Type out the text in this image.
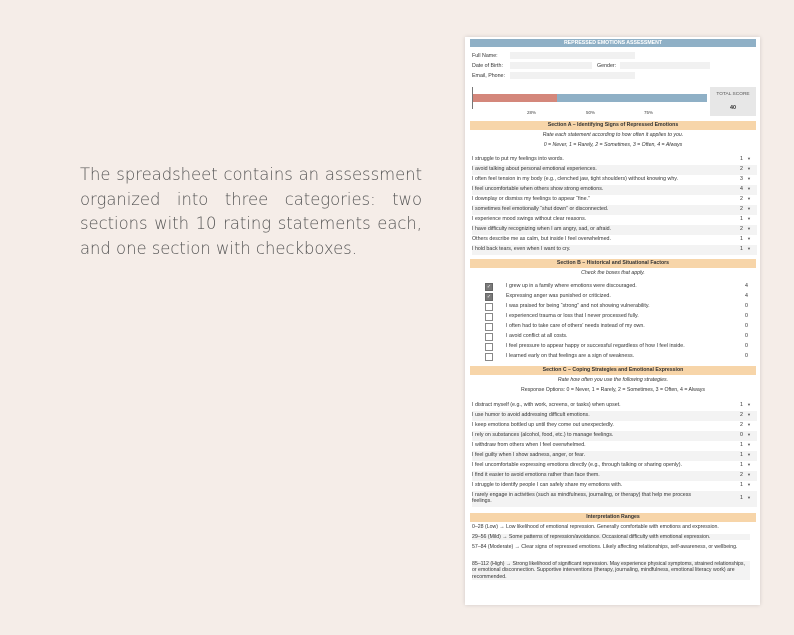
The spreadsheet contains an assessment organized into three categories: two sections with 10 rating statements each, and one section with checkboxes.
REPRESSED EMOTIONS ASSESSMENT
Full Name:
Date of Birth:	Gender:
Email, Phone:
28%	50%	75%
TOTAL SCORE
40
Section A – Identifying Signs of Repressed Emotions
Rate each statement according to how often it applies to you.
0 = Never, 1 = Rarely, 2 = Sometimes, 3 = Often, 4 = Always
I struggle to put my feelings into words.	1 ▼
I avoid talking about personal emotional experiences.	2 ▼
I often feel tension in my body (e.g., clenched jaw, tight shoulders) without knowing why.	3 ▼
I feel uncomfortable when others show strong emotions.	4 ▼
I downplay or dismiss my feelings to appear “fine.”	2 ▼
I sometimes feel emotionally “shut down” or disconnected.	2 ▼
I experience mood swings without clear reasons.	1 ▼
I have difficulty recognizing when I am angry, sad, or afraid.	2 ▼
Others describe me as calm, but inside I feel overwhelmed.	1 ▼
I hold back tears, even when I want to cry.	1 ▼
Section B – Historical and Situational Factors
Check the boxes that apply.
✓	I grew up in a family where emotions were discouraged.	4
✓	Expressing anger was punished or criticized.	4
I was praised for being “strong” and not showing vulnerability.	0
I experienced trauma or loss that I never processed fully.	0
I often had to take care of others’ needs instead of my own.	0
I avoid conflict at all costs.	0
I feel pressure to appear happy or successful regardless of how I feel inside.	0
I learned early on that feelings are a sign of weakness.	0
Section C – Coping Strategies and Emotional Expression
Rate how often you use the following strategies.
Response Options: 0 = Never, 1 = Rarely, 2 = Sometimes, 3 = Often, 4 = Always
I distract myself (e.g., with work, screens, or tasks) when upset.	1 ▼
I use humor to avoid addressing difficult emotions.	2 ▼
I keep emotions bottled up until they come out unexpectedly.	2 ▼
I rely on substances (alcohol, food, etc.) to manage feelings.	0 ▼
I withdraw from others when I feel overwhelmed.	1 ▼
I feel guilty when I show sadness, anger, or fear.	1 ▼
I feel uncomfortable expressing emotions directly (e.g., through talking or sharing openly).	1 ▼
I find it easier to avoid emotions rather than face them.	2 ▼
I struggle to identify people I can safely share my emotions with.	1 ▼
I rarely engage in activities (such as mindfulness, journaling, or therapy) that help me process feelings.
1 ▼
Interpretation Ranges
0–28 (Low) → Low likelihood of emotional repression. Generally comfortable with emotions and expression.
29–56 (Mild) → Some patterns of repression/avoidance. Occasional difficulty with emotional expression.
57–84 (Moderate) → Clear signs of repressed emotions. Likely affecting relationships, self-awareness, or wellbeing.
85–112 (High) → Strong likelihood of significant repression. May experience physical symptoms, strained relationships, or emotional disconnection. Supportive interventions (therapy, journaling, mindfulness, emotional literacy work) are recommended.
